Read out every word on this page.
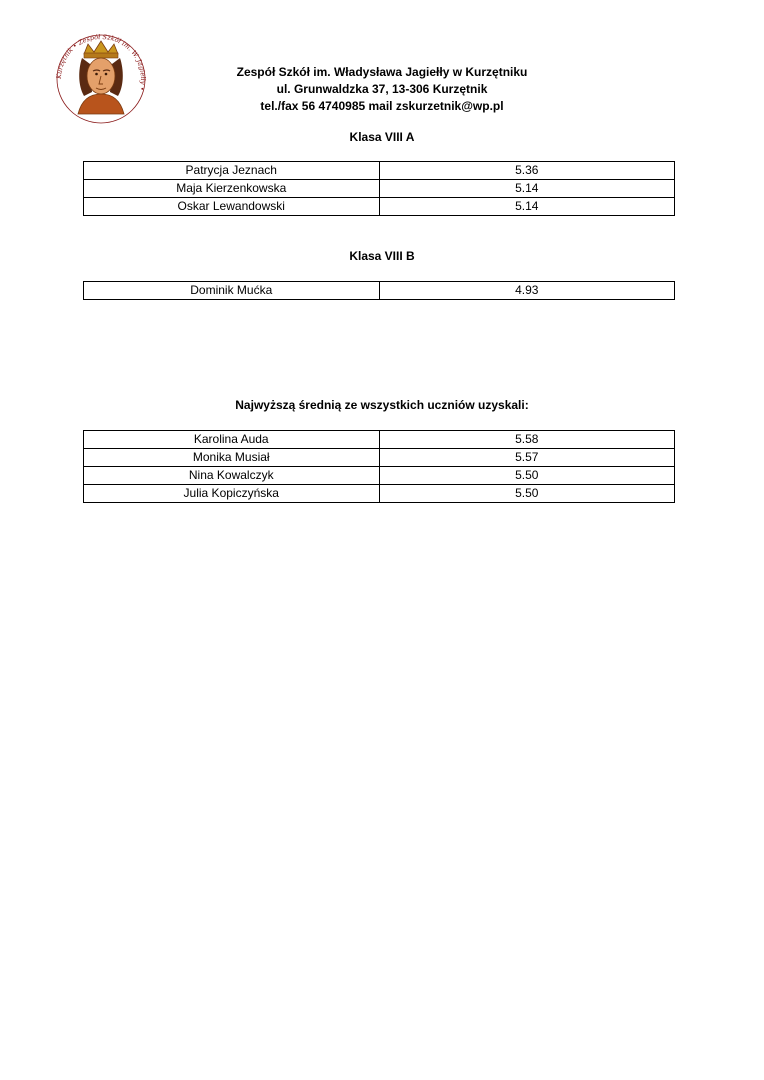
Kurzętnik • Zespół Szkół im. W. Jagiełły •
Zespół Szkół im. Władysława Jagiełły w Kurzętniku
ul. Grunwaldzka 37, 13-306 Kurzętnik
tel./fax 56 4740985 mail zskurzetnik@wp.pl
Klasa VIII A
Patrycja Jeznach	5.36
Maja Kierzenkowska	5.14
Oskar Lewandowski	5.14
Klasa VIII B
Dominik Mućka	4.93
Najwyższą średnią ze wszystkich uczniów uzyskali:
Karolina Auda	5.58
Monika Musiał	5.57
Nina Kowalczyk	5.50
Julia Kopiczyńska	5.50
